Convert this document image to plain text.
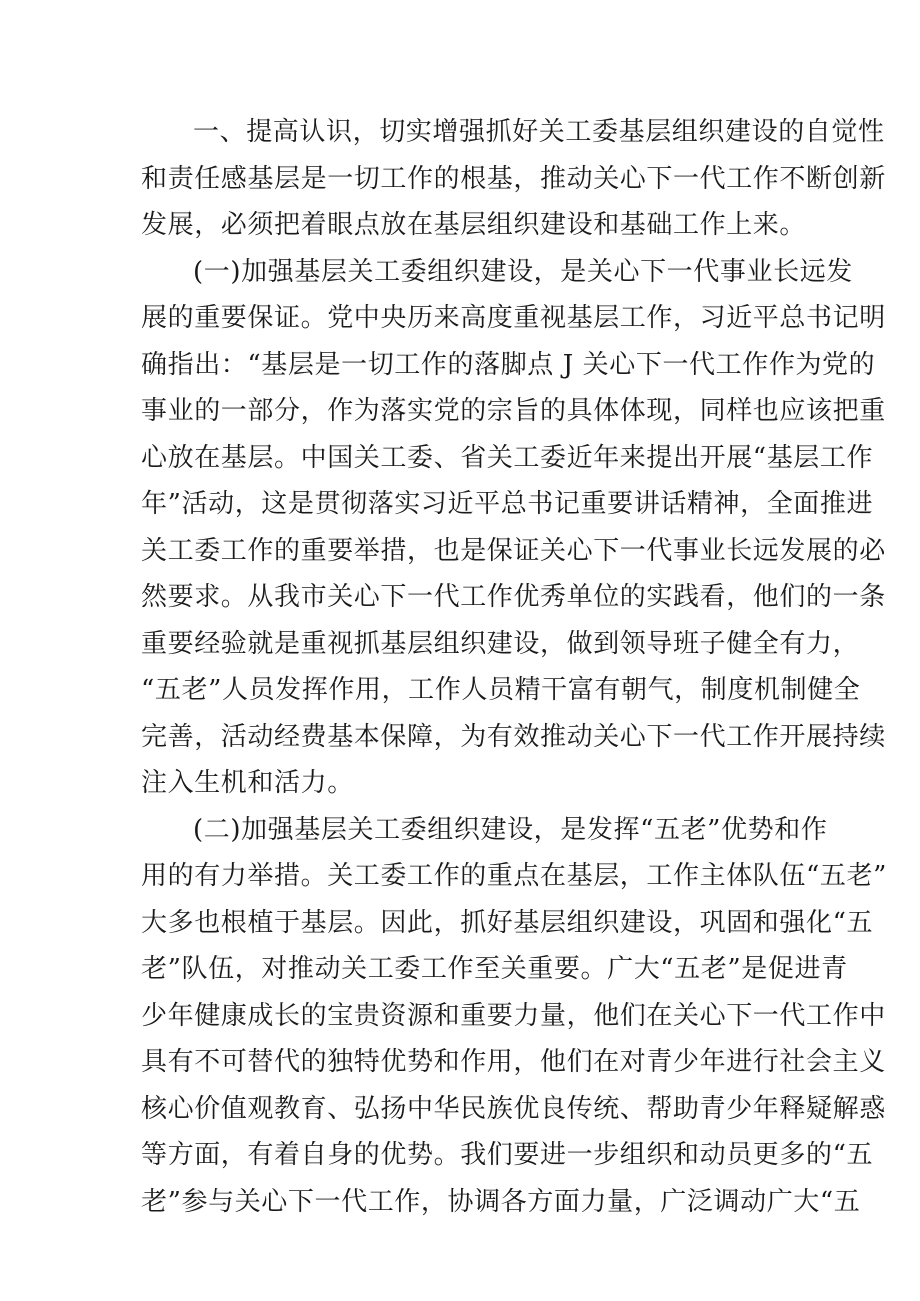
一、提高认识，切实增强抓好关工委基层组织建设的自觉性
和责任感基层是一切工作的根基，推动关心下一代工作不断创新
发展，必须把着眼点放在基层组织建设和基础工作上来。
(一)加强基层关工委组织建设，是关心下一代事业长远发
展的重要保证。党中央历来高度重视基层工作，习近平总书记明
确指出：“基层是一切工作的落脚点 J 关心下一代工作作为党的
事业的一部分，作为落实党的宗旨的具体体现，同样也应该把重
心放在基层。中国关工委、省关工委近年来提出开展“基层工作
年”活动，这是贯彻落实习近平总书记重要讲话精神，全面推进
关工委工作的重要举措，也是保证关心下一代事业长远发展的必
然要求。从我市关心下一代工作优秀单位的实践看，他们的一条
重要经验就是重视抓基层组织建设，做到领导班子健全有力，
“五老”人员发挥作用，工作人员精干富有朝气，制度机制健全
完善，活动经费基本保障，为有效推动关心下一代工作开展持续
注入生机和活力。
(二)加强基层关工委组织建设，是发挥“五老”优势和作
用的有力举措。关工委工作的重点在基层，工作主体队伍“五老”
大多也根植于基层。因此，抓好基层组织建设，巩固和强化“五
老”队伍，对推动关工委工作至关重要。广大“五老”是促进青
少年健康成长的宝贵资源和重要力量，他们在关心下一代工作中
具有不可替代的独特优势和作用，他们在对青少年进行社会主义
核心价值观教育、弘扬中华民族优良传统、帮助青少年释疑解惑
等方面，有着自身的优势。我们要进一步组织和动员更多的“五
老”参与关心下一代工作，协调各方面力量，广泛调动广大“五
